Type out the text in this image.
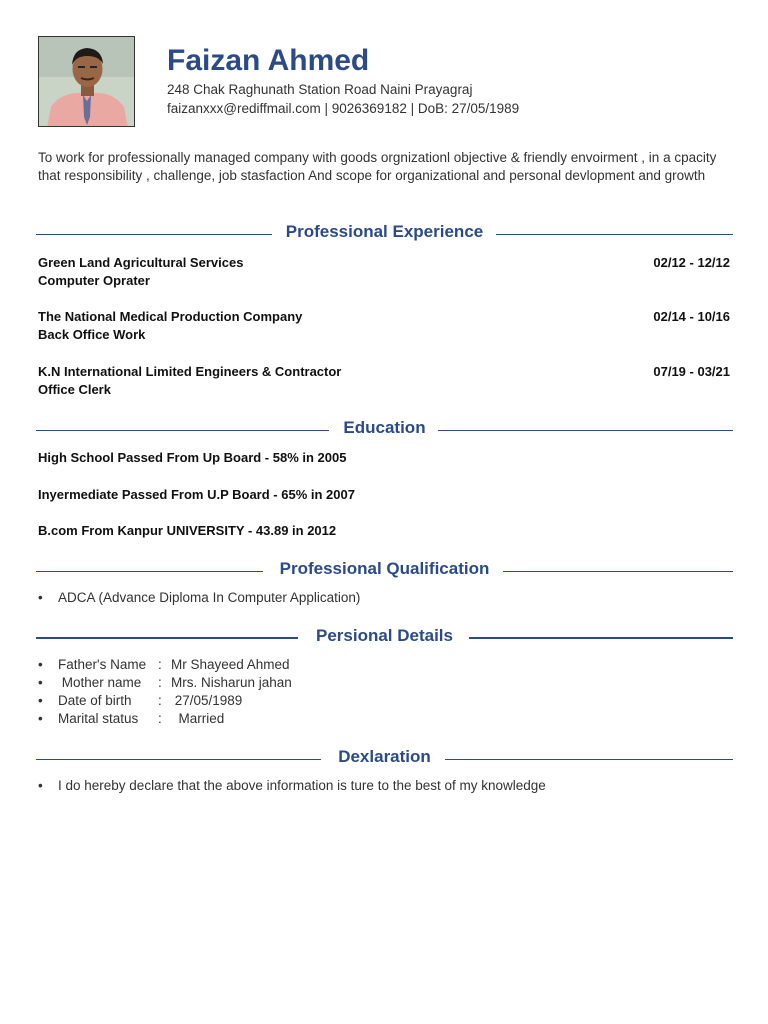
Faizan Ahmed
248 Chak Raghunath Station Road Naini Prayagraj
faizanxxx@rediffmail.com | 9026369182 | DoB: 27/05/1989
To work for professionally managed company with goods orgnizationl objective & friendly envoirment , in a cpacity that responsibility , challenge, job stasfaction And scope for organizational and personal devlopment and growth
Professional Experience
Green Land Agricultural Services	02/12 - 12/12
Computer Oprater
The National Medical Production Company	02/14 - 10/16
Back Office Work
K.N International Limited Engineers & Contractor	07/19 - 03/21
Office Clerk
Education
High School Passed From Up Board - 58% in 2005
Inyermediate Passed From U.P Board - 65% in 2007
B.com From Kanpur UNIVERSITY - 43.89 in 2012
Professional Qualification
• ADCA (Advance Diploma In Computer Application)
Persional Details
• Father's Name : Mr Shayeed Ahmed
• Mother name : Mrs. Nisharun jahan
• Date of birth : 27/05/1989
• Marital status : Married
Dexlaration
• I do hereby declare that the above information is ture to the best of my knowledge
